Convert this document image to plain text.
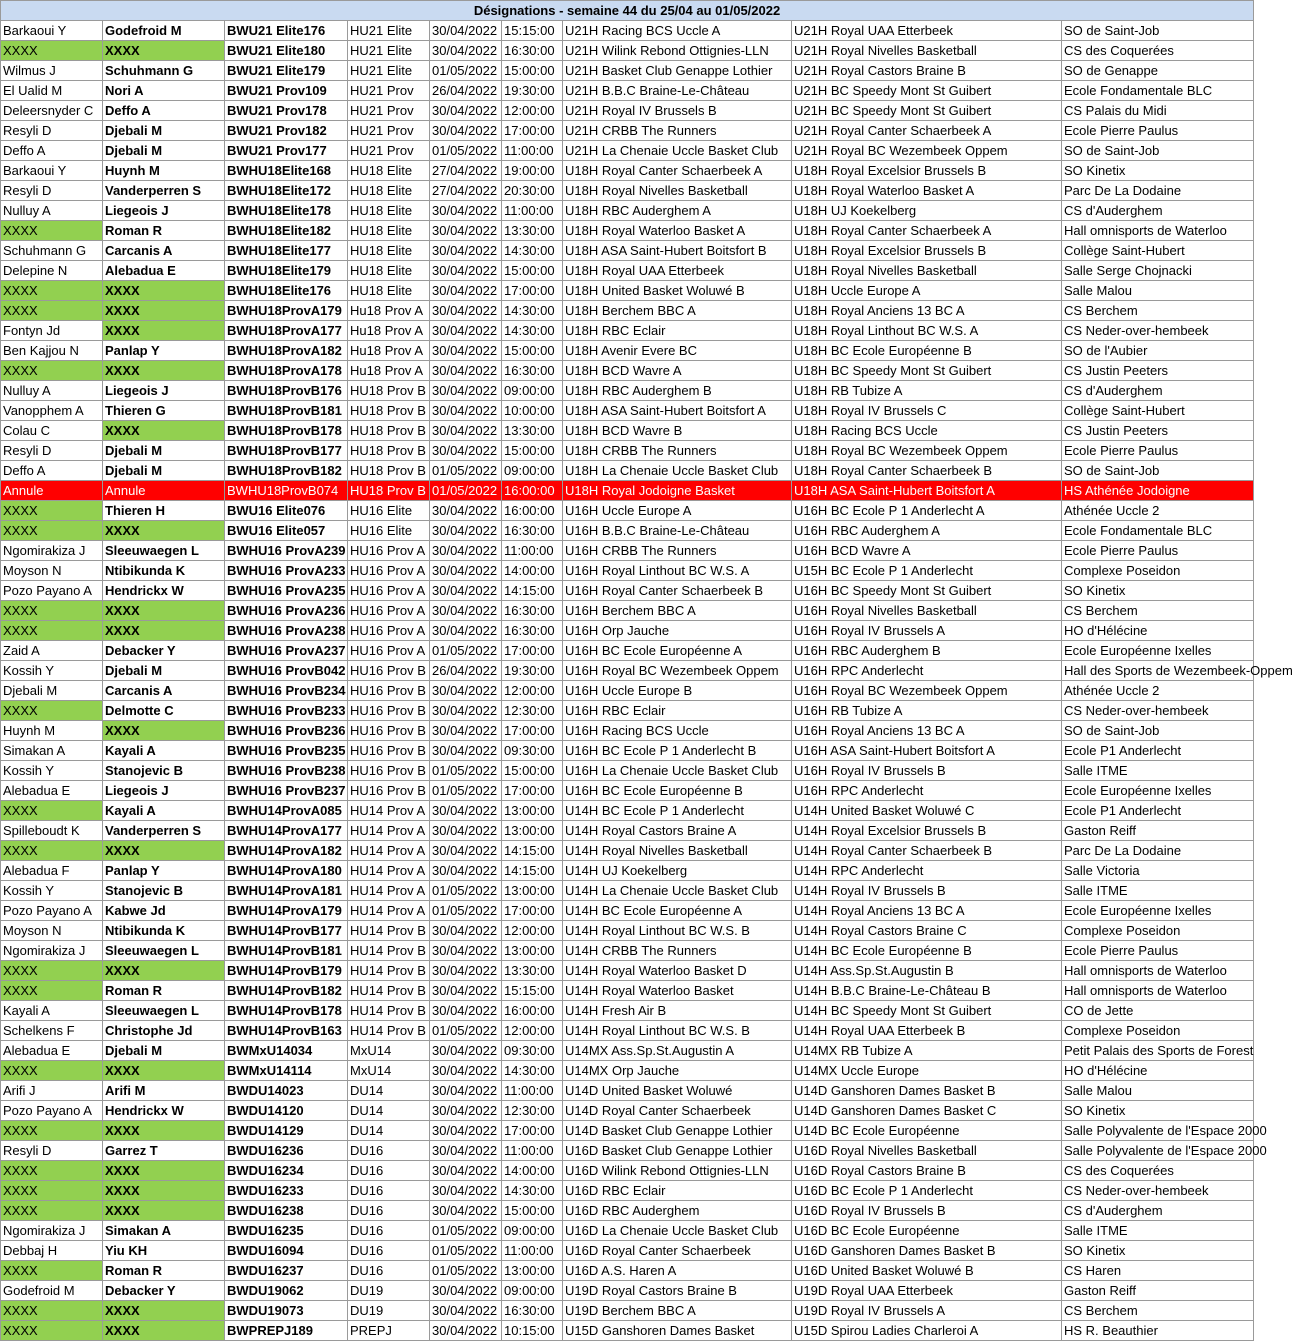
Désignations - semaine 44 du 25/04 au 01/05/2022								
Barkaoui Y	Godefroid M	BWU21 Elite176	HU21 Elite	30/04/2022	15:15:00	U21H Racing BCS Uccle A	U21H Royal UAA Etterbeek	SO de Saint-Job
XXXX	XXXX	BWU21 Elite180	HU21 Elite	30/04/2022	16:30:00	U21H Wilink Rebond Ottignies-LLN	U21H Royal Nivelles Basketball	CS des Coquerées
Wilmus J	Schuhmann G	BWU21 Elite179	HU21 Elite	01/05/2022	15:00:00	U21H Basket Club Genappe Lothier	U21H Royal Castors Braine B	SO de Genappe
El Ualid M	Nori A	BWU21 Prov109	HU21 Prov	26/04/2022	19:30:00	U21H B.B.C Braine-Le-Château	U21H BC Speedy Mont St Guibert	Ecole Fondamentale BLC
Deleersnyder C	Deffo A	BWU21 Prov178	HU21 Prov	30/04/2022	12:00:00	U21H Royal IV Brussels B	U21H BC Speedy Mont St Guibert	CS Palais du Midi
Resyli D	Djebali M	BWU21 Prov182	HU21 Prov	30/04/2022	17:00:00	U21H CRBB The Runners	U21H Royal Canter Schaerbeek A	Ecole Pierre Paulus
Deffo A	Djebali M	BWU21 Prov177	HU21 Prov	01/05/2022	11:00:00	U21H La Chenaie Uccle Basket Club	U21H Royal BC Wezembeek Oppem	SO de Saint-Job
Barkaoui Y	Huynh M	BWHU18Elite168	HU18 Elite	27/04/2022	19:00:00	U18H Royal Canter Schaerbeek A	U18H Royal Excelsior Brussels B	SO Kinetix
Resyli D	Vanderperren S	BWHU18Elite172	HU18 Elite	27/04/2022	20:30:00	U18H Royal Nivelles Basketball	U18H Royal Waterloo Basket A	Parc De La Dodaine
Nulluy A	Liegeois J	BWHU18Elite178	HU18 Elite	30/04/2022	11:00:00	U18H RBC Auderghem A	U18H UJ Koekelberg	CS d'Auderghem
XXXX	Roman R	BWHU18Elite182	HU18 Elite	30/04/2022	13:30:00	U18H Royal Waterloo Basket A	U18H Royal Canter Schaerbeek A	Hall omnisports de Waterloo
Schuhmann G	Carcanis A	BWHU18Elite177	HU18 Elite	30/04/2022	14:30:00	U18H ASA Saint-Hubert Boitsfort B	U18H Royal Excelsior Brussels B	Collège Saint-Hubert
Delepine N	Alebadua E	BWHU18Elite179	HU18 Elite	30/04/2022	15:00:00	U18H Royal UAA Etterbeek	U18H Royal Nivelles Basketball	Salle Serge Chojnacki
XXXX	XXXX	BWHU18Elite176	HU18 Elite	30/04/2022	17:00:00	U18H United Basket Woluwé B	U18H Uccle Europe A	Salle Malou
XXXX	XXXX	BWHU18ProvA179	Hu18 Prov A	30/04/2022	14:30:00	U18H Berchem BBC A	U18H Royal Anciens 13 BC A	CS Berchem
Fontyn Jd	XXXX	BWHU18ProvA177	Hu18 Prov A	30/04/2022	14:30:00	U18H RBC Eclair	U18H Royal Linthout BC W.S. A	CS Neder-over-hembeek
Ben Kajjou N	Panlap Y	BWHU18ProvA182	Hu18 Prov A	30/04/2022	15:00:00	U18H Avenir Evere BC	U18H BC Ecole Européenne B	SO de l'Aubier
XXXX	XXXX	BWHU18ProvA178	Hu18 Prov A	30/04/2022	16:30:00	U18H BCD Wavre A	U18H BC Speedy Mont St Guibert	CS Justin Peeters
Nulluy A	Liegeois J	BWHU18ProvB176	HU18 Prov B	30/04/2022	09:00:00	U18H RBC Auderghem B	U18H RB Tubize A	CS d'Auderghem
Vanopphem A	Thieren G	BWHU18ProvB181	HU18 Prov B	30/04/2022	10:00:00	U18H ASA Saint-Hubert Boitsfort A	U18H Royal IV Brussels C	Collège Saint-Hubert
Colau C	XXXX	BWHU18ProvB178	HU18 Prov B	30/04/2022	13:30:00	U18H BCD Wavre B	U18H Racing BCS Uccle	CS Justin Peeters
Resyli D	Djebali M	BWHU18ProvB177	HU18 Prov B	30/04/2022	15:00:00	U18H CRBB The Runners	U18H Royal BC Wezembeek Oppem	Ecole Pierre Paulus
Deffo A	Djebali M	BWHU18ProvB182	HU18 Prov B	01/05/2022	09:00:00	U18H La Chenaie Uccle Basket Club	U18H Royal Canter Schaerbeek B	SO de Saint-Job
Annule	Annule	BWHU18ProvB074	HU18 Prov B	01/05/2022	16:00:00	U18H Royal Jodoigne Basket	U18H ASA Saint-Hubert Boitsfort A	HS Athénée Jodoigne
XXXX	Thieren H	BWU16 Elite076	HU16 Elite	30/04/2022	16:00:00	U16H Uccle Europe A	U16H BC Ecole P 1 Anderlecht A	Athénée Uccle 2
XXXX	XXXX	BWU16 Elite057	HU16 Elite	30/04/2022	16:30:00	U16H B.B.C Braine-Le-Château	U16H RBC Auderghem A	Ecole Fondamentale BLC
Ngomirakiza J	Sleeuwaegen L	BWHU16 ProvA239	HU16 Prov A	30/04/2022	11:00:00	U16H CRBB The Runners	U16H BCD Wavre A	Ecole Pierre Paulus
Moyson N	Ntibikunda K	BWHU16 ProvA233	HU16 Prov A	30/04/2022	14:00:00	U16H Royal Linthout BC W.S. A	U15H BC Ecole P 1 Anderlecht	Complexe Poseidon
Pozo Payano A	Hendrickx W	BWHU16 ProvA235	HU16 Prov A	30/04/2022	14:15:00	U16H Royal Canter Schaerbeek B	U16H BC Speedy Mont St Guibert	SO Kinetix
XXXX	XXXX	BWHU16 ProvA236	HU16 Prov A	30/04/2022	16:30:00	U16H Berchem BBC A	U16H Royal Nivelles Basketball	CS Berchem
XXXX	XXXX	BWHU16 ProvA238	HU16 Prov A	30/04/2022	16:30:00	U16H Orp Jauche	U16H Royal IV Brussels A	HO d'Hélécine
Zaid A	Debacker Y	BWHU16 ProvA237	HU16 Prov A	01/05/2022	17:00:00	U16H BC Ecole Européenne A	U16H RBC Auderghem B	Ecole Européenne Ixelles
Kossih Y	Djebali M	BWHU16 ProvB042	HU16 Prov B	26/04/2022	19:30:00	U16H Royal BC Wezembeek Oppem	U16H RPC Anderlecht	Hall des Sports de Wezembeek-Oppem
Djebali M	Carcanis A	BWHU16 ProvB234	HU16 Prov B	30/04/2022	12:00:00	U16H Uccle Europe B	U16H Royal BC Wezembeek Oppem	Athénée Uccle 2
XXXX	Delmotte C	BWHU16 ProvB233	HU16 Prov B	30/04/2022	12:30:00	U16H RBC Eclair	U16H RB Tubize A	CS Neder-over-hembeek
Huynh M	XXXX	BWHU16 ProvB236	HU16 Prov B	30/04/2022	17:00:00	U16H Racing BCS Uccle	U16H Royal Anciens 13 BC A	SO de Saint-Job
Simakan A	Kayali A	BWHU16 ProvB235	HU16 Prov B	30/04/2022	09:30:00	U16H BC Ecole P 1 Anderlecht B	U16H ASA Saint-Hubert Boitsfort A	Ecole P1 Anderlecht
Kossih Y	Stanojevic B	BWHU16 ProvB238	HU16 Prov B	01/05/2022	15:00:00	U16H La Chenaie Uccle Basket Club	U16H Royal IV Brussels B	Salle ITME
Alebadua E	Liegeois J	BWHU16 ProvB237	HU16 Prov B	01/05/2022	17:00:00	U16H BC Ecole Européenne B	U16H RPC Anderlecht	Ecole Européenne Ixelles
XXXX	Kayali A	BWHU14ProvA085	HU14 Prov A	30/04/2022	13:00:00	U14H BC Ecole P 1 Anderlecht	U14H United Basket Woluwé C	Ecole P1 Anderlecht
Spilleboudt K	Vanderperren S	BWHU14ProvA177	HU14 Prov A	30/04/2022	13:00:00	U14H Royal Castors Braine A	U14H Royal Excelsior Brussels B	Gaston Reiff
XXXX	XXXX	BWHU14ProvA182	HU14 Prov A	30/04/2022	14:15:00	U14H Royal Nivelles Basketball	U14H Royal Canter Schaerbeek B	Parc De La Dodaine
Alebadua F	Panlap Y	BWHU14ProvA180	HU14 Prov A	30/04/2022	14:15:00	U14H UJ Koekelberg	U14H RPC Anderlecht	Salle Victoria
Kossih Y	Stanojevic B	BWHU14ProvA181	HU14 Prov A	01/05/2022	13:00:00	U14H La Chenaie Uccle Basket Club	U14H Royal IV Brussels B	Salle ITME
Pozo Payano A	Kabwe Jd	BWHU14ProvA179	HU14 Prov A	01/05/2022	17:00:00	U14H BC Ecole Européenne A	U14H Royal Anciens 13 BC A	Ecole Européenne Ixelles
Moyson N	Ntibikunda K	BWHU14ProvB177	HU14 Prov B	30/04/2022	12:00:00	U14H Royal Linthout BC W.S. B	U14H Royal Castors Braine C	Complexe Poseidon
Ngomirakiza J	Sleeuwaegen L	BWHU14ProvB181	HU14 Prov B	30/04/2022	13:00:00	U14H CRBB The Runners	U14H BC Ecole Européenne B	Ecole Pierre Paulus
XXXX	XXXX	BWHU14ProvB179	HU14 Prov B	30/04/2022	13:30:00	U14H Royal Waterloo Basket D	U14H Ass.Sp.St.Augustin B	Hall omnisports de Waterloo
XXXX	Roman R	BWHU14ProvB182	HU14 Prov B	30/04/2022	15:15:00	U14H Royal Waterloo Basket	U14H B.B.C Braine-Le-Château B	Hall omnisports de Waterloo
Kayali A	Sleeuwaegen L	BWHU14ProvB178	HU14 Prov B	30/04/2022	16:00:00	U14H Fresh Air B	U14H BC Speedy Mont St Guibert	CO de Jette
Schelkens F	Christophe Jd	BWHU14ProvB163	HU14 Prov B	01/05/2022	12:00:00	U14H Royal Linthout BC W.S. B	U14H Royal UAA Etterbeek B	Complexe Poseidon
Alebadua E	Djebali M	BWMxU14034	MxU14	30/04/2022	09:30:00	U14MX Ass.Sp.St.Augustin A	U14MX RB Tubize A	Petit Palais des Sports de Forest
XXXX	XXXX	BWMxU14114	MxU14	30/04/2022	14:30:00	U14MX Orp Jauche	U14MX Uccle Europe	HO d'Hélécine
Arifi J	Arifi M	BWDU14023	DU14	30/04/2022	11:00:00	U14D United Basket Woluwé	U14D Ganshoren Dames Basket B	Salle Malou
Pozo Payano A	Hendrickx W	BWDU14120	DU14	30/04/2022	12:30:00	U14D Royal Canter Schaerbeek	U14D Ganshoren Dames Basket C	SO Kinetix
XXXX	XXXX	BWDU14129	DU14	30/04/2022	17:00:00	U14D Basket Club Genappe Lothier	U14D BC Ecole Européenne	Salle Polyvalente de l'Espace 2000
Resyli D	Garrez T	BWDU16236	DU16	30/04/2022	11:00:00	U16D Basket Club Genappe Lothier	U16D Royal Nivelles Basketball	Salle Polyvalente de l'Espace 2000
XXXX	XXXX	BWDU16234	DU16	30/04/2022	14:00:00	U16D Wilink Rebond Ottignies-LLN	U16D Royal Castors Braine B	CS des Coquerées
XXXX	XXXX	BWDU16233	DU16	30/04/2022	14:30:00	U16D RBC Eclair	U16D BC Ecole P 1 Anderlecht	CS Neder-over-hembeek
XXXX	XXXX	BWDU16238	DU16	30/04/2022	15:00:00	U16D RBC Auderghem	U16D Royal IV Brussels B	CS d'Auderghem
Ngomirakiza J	Simakan A	BWDU16235	DU16	01/05/2022	09:00:00	U16D La Chenaie Uccle Basket Club	U16D BC Ecole Européenne	Salle ITME
Debbaj H	Yiu KH	BWDU16094	DU16	01/05/2022	11:00:00	U16D Royal Canter Schaerbeek	U16D Ganshoren Dames Basket B	SO Kinetix
XXXX	Roman R	BWDU16237	DU16	01/05/2022	13:00:00	U16D A.S. Haren A	U16D United Basket Woluwé B	CS Haren
Godefroid M	Debacker Y	BWDU19062	DU19	30/04/2022	09:00:00	U19D Royal Castors Braine B	U19D Royal UAA Etterbeek	Gaston Reiff
XXXX	XXXX	BWDU19073	DU19	30/04/2022	16:30:00	U19D Berchem BBC A	U19D Royal IV Brussels A	CS Berchem
XXXX	XXXX	BWPREPJ189	PREPJ	30/04/2022	10:15:00	U15D Ganshoren Dames Basket	U15D Spirou Ladies Charleroi A	HS R. Beauthier
